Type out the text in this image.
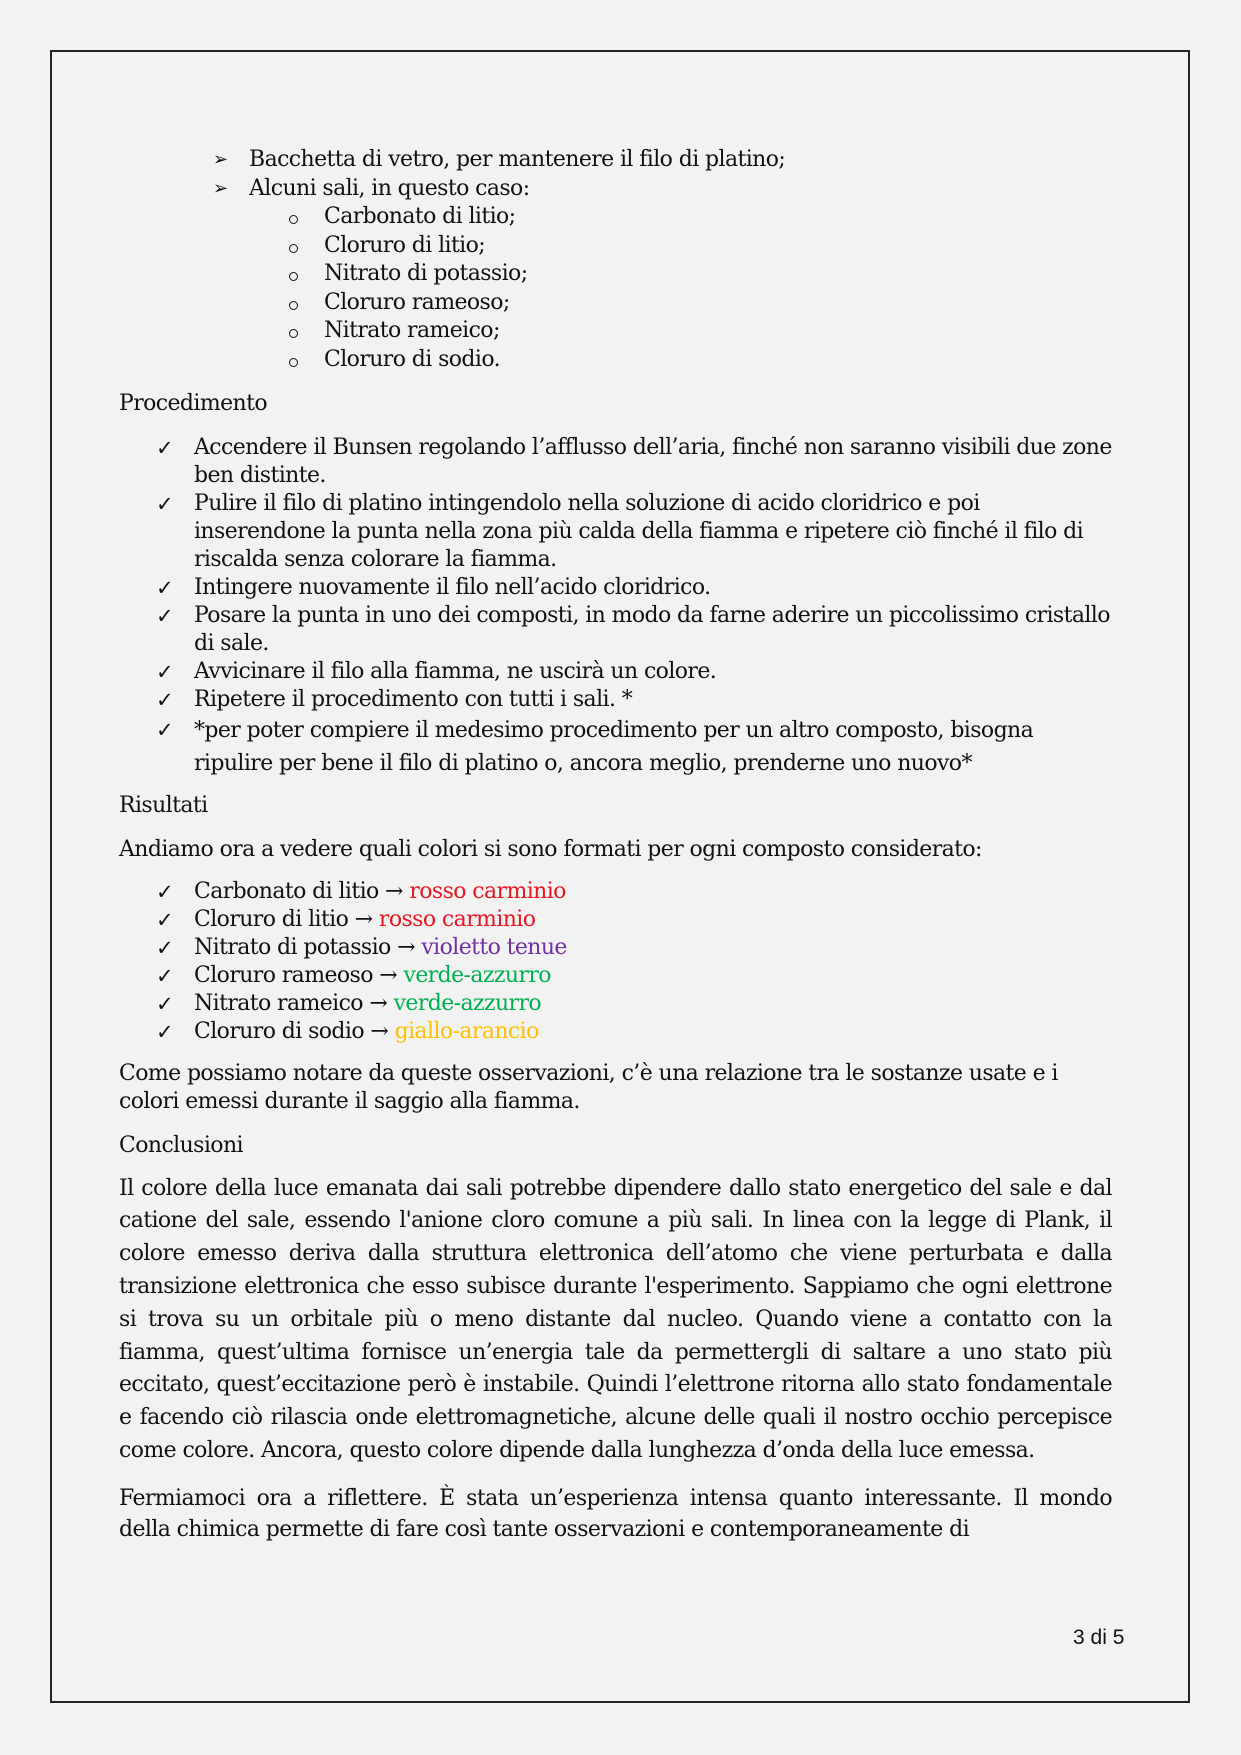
➢ Bacchetta di vetro, per mantenere il filo di platino;
➢ Alcuni sali, in questo caso:
Carbonato di litio;
Cloruro di litio;
Nitrato di potassio;
Cloruro rameoso;
Nitrato rameico;
Cloruro di sodio.
Procedimento
✓ Accendere il Bunsen regolando l’afflusso dell’aria, finché non saranno visibili due zone ben distinte.
✓ Pulire il filo di platino intingendolo nella soluzione di acido cloridrico e poi inserendone la punta nella zona più calda della fiamma e ripetere ciò finché il filo di riscalda senza colorare la fiamma.
✓ Intingere nuovamente il filo nell’acido cloridrico.
✓ Posare la punta in uno dei composti, in modo da farne aderire un piccolissimo cristallo di sale.
✓ Avvicinare il filo alla fiamma, ne uscirà un colore.
✓ Ripetere il procedimento con tutti i sali. *
✓ *per poter compiere il medesimo procedimento per un altro composto, bisogna ripulire per bene il filo di platino o, ancora meglio, prenderne uno nuovo*
Risultati

Andiamo ora a vedere quali colori si sono formati per ogni composto considerato:

✓ Carbonato di litio → rosso carminio
✓ Cloruro di litio → rosso carminio
✓ Nitrato di potassio → violetto tenue
✓ Cloruro rameoso → verde-azzurro
✓ Nitrato rameico → verde-azzurro
✓ Cloruro di sodio → giallo-arancio

Come possiamo notare da queste osservazioni, c’è una relazione tra le sostanze usate e i colori emessi durante il saggio alla fiamma.

Conclusioni

Il colore della luce emanata dai sali potrebbe dipendere dallo stato energetico del sale e dal catione del sale, essendo l'anione cloro comune a più sali. In linea con la legge di Plank, il colore emesso deriva dalla struttura elettronica dell’atomo che viene perturbata e dalla transizione elettronica che esso subisce durante l'esperimento. Sappiamo che ogni elettrone si trova su un orbitale più o meno distante dal nucleo. Quando viene a contatto con la fiamma, quest’ultima fornisce un’energia tale da permettergli di saltare a uno stato più eccitato, quest’eccitazione però è instabile. Quindi l’elettrone ritorna allo stato fondamentale e facendo ciò rilascia onde elettromagnetiche, alcune delle quali il nostro occhio percepisce come colore. Ancora, questo colore dipende dalla lunghezza d’onda della luce emessa.

Fermiamoci ora a riflettere. È stata un’esperienza intensa quanto interessante. Il mondo della chimica permette di fare così tante osservazioni e contemporaneamente di

3 di 5
